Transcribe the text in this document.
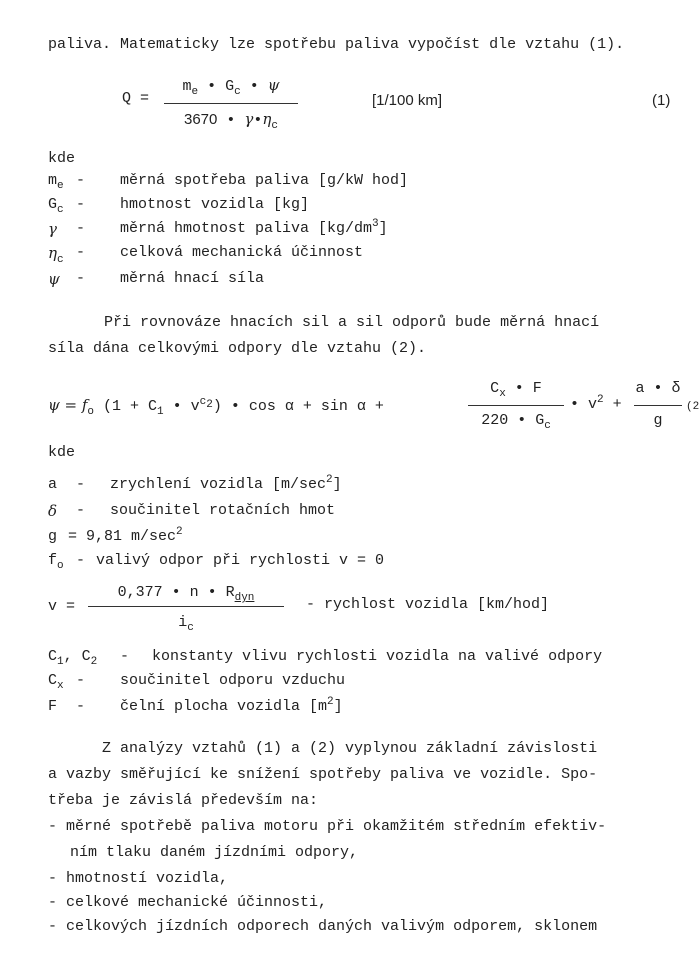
paliva. Matematicky lze spotřebu paliva vypočíst dle vztahu (1).
Q =
$m_e$ • $G_c$ • ψ
3670 • $\gamma•\eta_c$
[1/100 km]	(1)
kde
$m_e$ - měrná spotřeba paliva [g/kW hod]
$G_c$ - hmotnost vozidla [kg]
γ - měrná hmotnost paliva $[kg/dm^3]$
$\eta_c$ - celková mechanická účinnost
ψ - měrná hnací síla
Při rovnováze hnacích sil a sil odporů bude měrná hnací
síla dána celkovými odpory dle vztahu (2).
$\psi = f_o$ ($1 + C_1$ • $v^{c_2}$) • cos α + sin α +
$C_x$ • F
220 • $G_c$
• $v^2$ +
a • δ
g
(2
kde
a - zrychlení vozidla $[m/\sec^2]$
δ - součinitel rotačních hmot
g = 9,81 $m/\sec^2$
$f_o$ - valivý odpor při rychlosti v = 0
v =
0,377 • n • $R_{dyn}$
$i_c$
- rychlost vozidla [km/hod]
$C_1$, $C_2$ - konstanty vlivu rychlosti vozidla na valivé odpory
$C_x$ - součinitel odporu vzduchu
F - čelní plocha vozidla $[m^2]$
Z analýzy vztahů (1) a (2) vyplynou základní závislosti
a vazby směřující ke snížení spotřeby paliva ve vozidle. Spo-
třeba je závislá především na:
- měrné spotřebě paliva motoru při okamžitém středním efektiv-
ním tlaku daném jízdními odpory,
- hmotností vozidla,
- celkové mechanické účinnosti,
- celkových jízdních odporech daných valivým odporem, sklonem
